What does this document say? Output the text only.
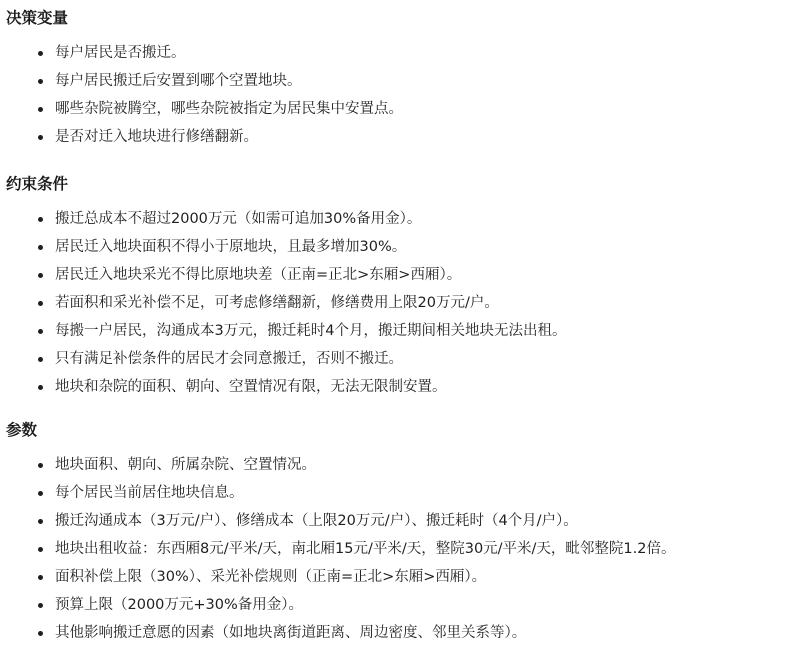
决策变量
每户居民是否搬迁。
每户居民搬迁后安置到哪个空置地块。
哪些杂院被腾空，哪些杂院被指定为居民集中安置点。
是否对迁入地块进行修缮翻新。
约束条件
搬迁总成本不超过2000万元（如需可追加30%备用金）。
居民迁入地块面积不得小于原地块，且最多增加30%。
居民迁入地块采光不得比原地块差（正南=正北>东厢>西厢）。
若面积和采光补偿不足，可考虑修缮翻新，修缮费用上限20万元/户。
每搬一户居民，沟通成本3万元，搬迁耗时4个月，搬迁期间相关地块无法出租。
只有满足补偿条件的居民才会同意搬迁，否则不搬迁。
地块和杂院的面积、朝向、空置情况有限，无法无限制安置。
参数
地块面积、朝向、所属杂院、空置情况。
每个居民当前居住地块信息。
搬迁沟通成本（3万元/户）、修缮成本（上限20万元/户）、搬迁耗时（4个月/户）。
地块出租收益：东西厢8元/平米/天，南北厢15元/平米/天，整院30元/平米/天，毗邻整院1.2倍。
面积补偿上限（30%）、采光补偿规则（正南=正北>东厢>西厢）。
预算上限（2000万元+30%备用金）。
其他影响搬迁意愿的因素（如地块离街道距离、周边密度、邻里关系等）。
